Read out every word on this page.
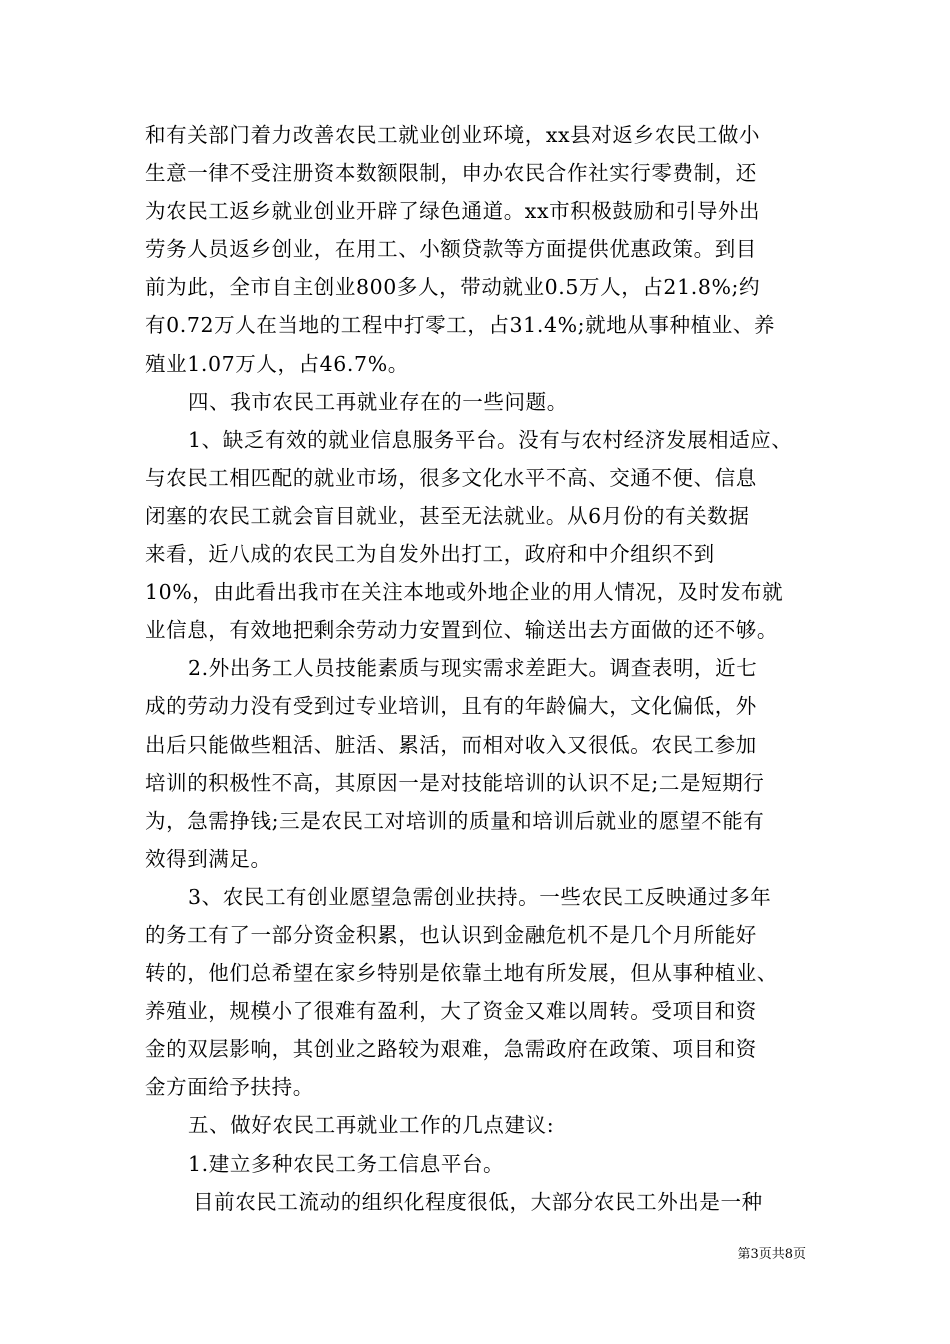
和有关部门着力改善农民工就业创业环境，xx县对返乡农民工做小
生意一律不受注册资本数额限制，申办农民合作社实行零费制，还
为农民工返乡就业创业开辟了绿色通道。xx市积极鼓励和引导外出
劳务人员返乡创业，在用工、小额贷款等方面提供优惠政策。到目
前为此，全市自主创业800多人，带动就业0.5万人，占21.8%;约
有0.72万人在当地的工程中打零工，占31.4%;就地从事种植业、养
殖业1.07万人，占46.7%。
四、我市农民工再就业存在的一些问题。
1、缺乏有效的就业信息服务平台。没有与农村经济发展相适应、
与农民工相匹配的就业市场，很多文化水平不高、交通不便、信息
闭塞的农民工就会盲目就业，甚至无法就业。从6月份的有关数据
来看，近八成的农民工为自发外出打工，政府和中介组织不到
10%，由此看出我市在关注本地或外地企业的用人情况，及时发布就
业信息，有效地把剩余劳动力安置到位、输送出去方面做的还不够。
2.外出务工人员技能素质与现实需求差距大。调查表明，近七
成的劳动力没有受到过专业培训，且有的年龄偏大，文化偏低，外
出后只能做些粗活、脏活、累活，而相对收入又很低。农民工参加
培训的积极性不高，其原因一是对技能培训的认识不足;二是短期行
为，急需挣钱;三是农民工对培训的质量和培训后就业的愿望不能有
效得到满足。
3、农民工有创业愿望急需创业扶持。一些农民工反映通过多年
的务工有了一部分资金积累，也认识到金融危机不是几个月所能好
转的，他们总希望在家乡特别是依靠土地有所发展，但从事种植业、
养殖业，规模小了很难有盈利，大了资金又难以周转。受项目和资
金的双层影响，其创业之路较为艰难，急需政府在政策、项目和资
金方面给予扶持。
五、做好农民工再就业工作的几点建议:
1.建立多种农民工务工信息平台。
目前农民工流动的组织化程度很低，大部分农民工外出是一种
第3页共8页
